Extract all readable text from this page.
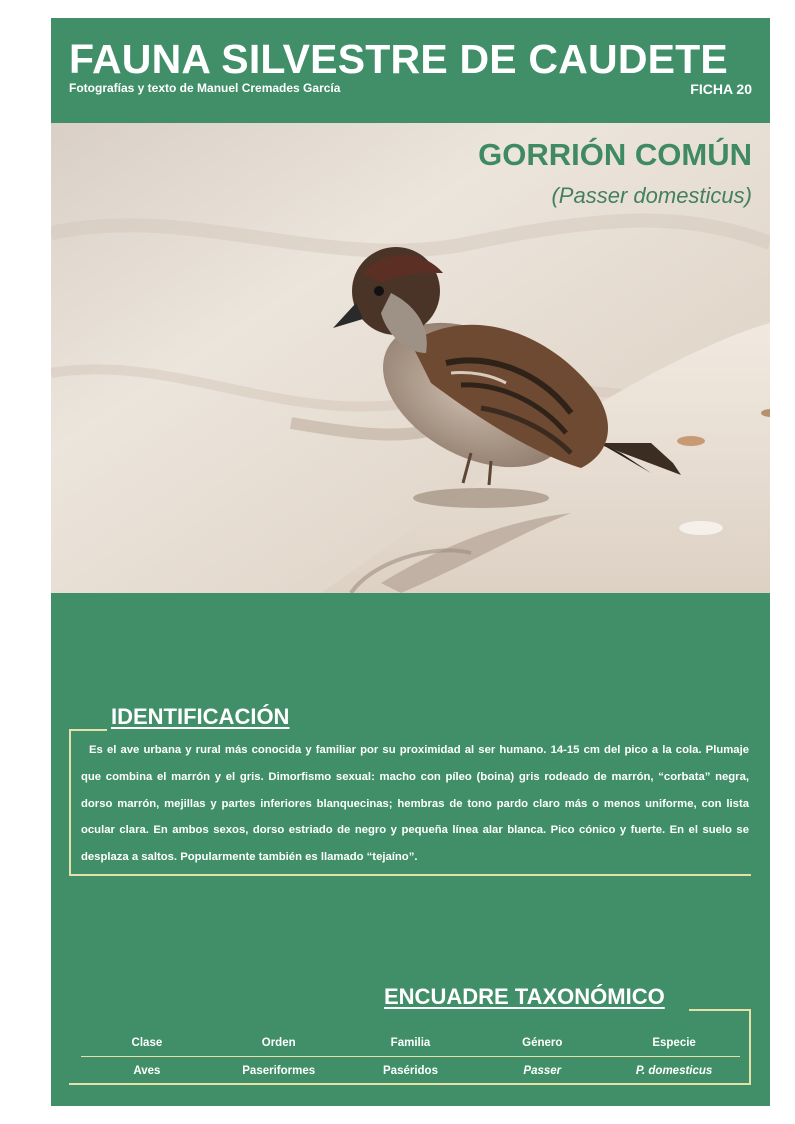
FAUNA SILVESTRE DE CAUDETE
Fotografías y texto de Manuel Cremades García	FICHA 20
GORRIÓN COMÚN
(Passer domesticus)
IDENTIFICACIÓN

Es el ave urbana y rural más conocida y familiar por su proximidad al ser humano. 14-15 cm del pico a la cola. Plumaje que combina el marrón y el gris. Dimorfismo sexual: macho con píleo (boina) gris rodeado de marrón, “corbata” negra, dorso marrón, mejillas y partes inferiores blanquecinas; hembras de tono pardo claro más o menos uniforme, con lista ocular clara. En ambos sexos, dorso estriado de negro y pequeña línea alar blanca. Pico cónico y fuerte. En el suelo se desplaza a saltos. Popularmente también es llamado “tejaíno”.

ENCUADRE TAXONÓMICO
Clase	Orden	Familia	Género	Especie
Aves	Paseriformes	Paséridos	Passer	P. domesticus
